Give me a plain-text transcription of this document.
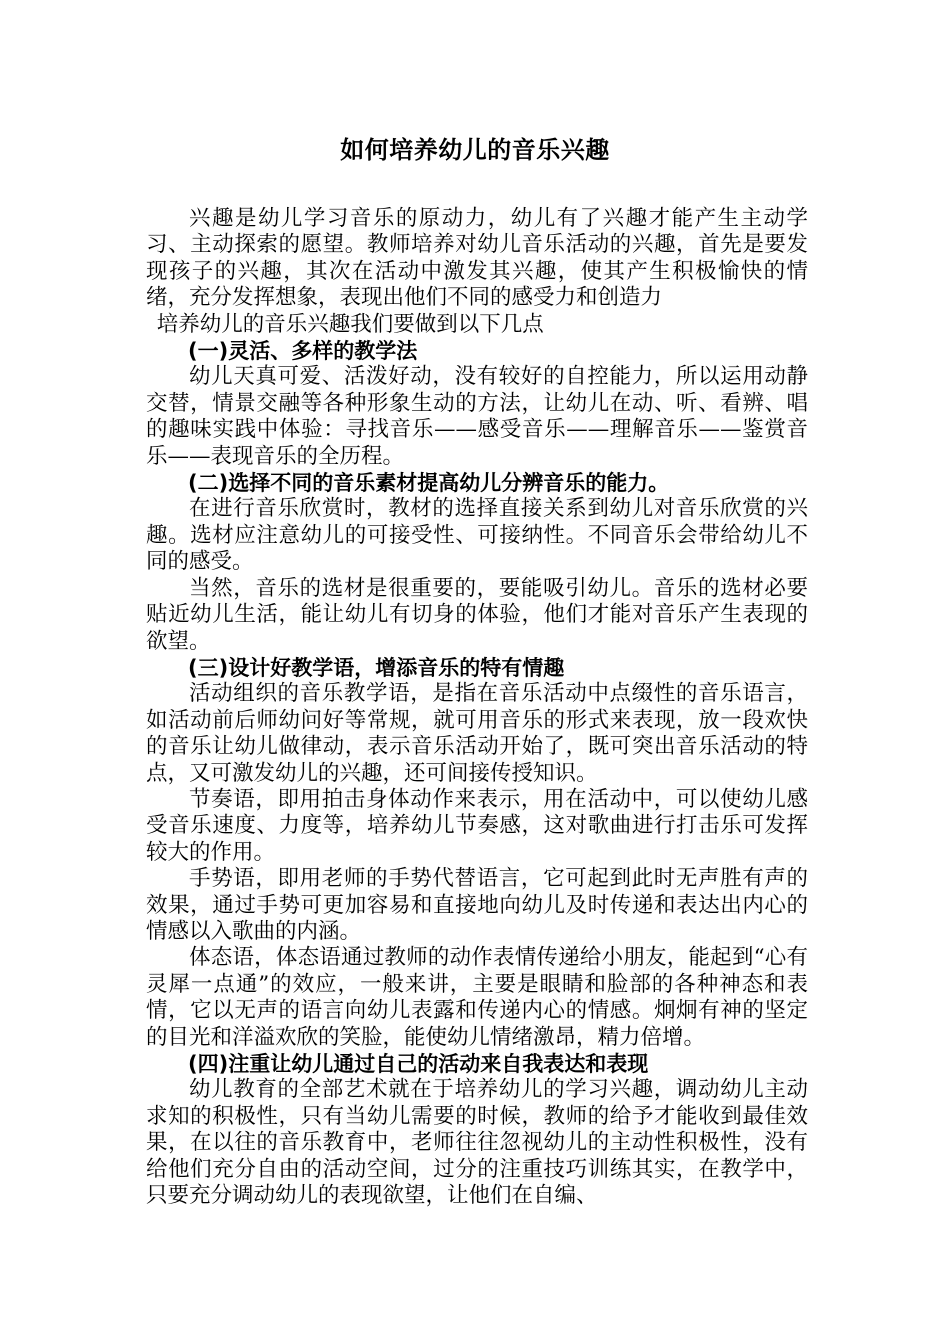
如何培养幼儿的音乐兴趣
兴趣是幼儿学习音乐的原动力，幼儿有了兴趣才能产生主动学习、主动探索的愿望。教师培养对幼儿音乐活动的兴趣，首先是要发现孩子的兴趣，其次在活动中激发其兴趣，使其产生积极愉快的情绪，充分发挥想象，表现出他们不同的感受力和创造力
培养幼儿的音乐兴趣我们要做到以下几点
(一)灵活、多样的教学法
幼儿天真可爱、活泼好动，没有较好的自控能力，所以运用动静交替，情景交融等各种形象生动的方法，让幼儿在动、听、看辨、唱的趣味实践中体验：寻找音乐——感受音乐——理解音乐——鉴赏音乐——表现音乐的全历程。
(二)选择不同的音乐素材提高幼儿分辨音乐的能力。
在进行音乐欣赏时，教材的选择直接关系到幼儿对音乐欣赏的兴趣。选材应注意幼儿的可接受性、可接纳性。不同音乐会带给幼儿不同的感受。
当然，音乐的选材是很重要的，要能吸引幼儿。音乐的选材必要贴近幼儿生活，能让幼儿有切身的体验，他们才能对音乐产生表现的欲望。
(三)设计好教学语，增添音乐的特有情趣
活动组织的音乐教学语，是指在音乐活动中点缀性的音乐语言，如活动前后师幼问好等常规，就可用音乐的形式来表现，放一段欢快的音乐让幼儿做律动，表示音乐活动开始了，既可突出音乐活动的特点，又可激发幼儿的兴趣，还可间接传授知识。
节奏语，即用拍击身体动作来表示，用在活动中，可以使幼儿感受音乐速度、力度等，培养幼儿节奏感，这对歌曲进行打击乐可发挥较大的作用。
手势语，即用老师的手势代替语言，它可起到此时无声胜有声的效果，通过手势可更加容易和直接地向幼儿及时传递和表达出内心的情感以入歌曲的内涵。
体态语，体态语通过教师的动作表情传递给小朋友，能起到“心有灵犀一点通”的效应，一般来讲，主要是眼睛和脸部的各种神态和表情，它以无声的语言向幼儿表露和传递内心的情感。炯炯有神的坚定的目光和洋溢欢欣的笑脸，能使幼儿情绪激昂，精力倍增。
(四)注重让幼儿通过自己的活动来自我表达和表现
幼儿教育的全部艺术就在于培养幼儿的学习兴趣，调动幼儿主动求知的积极性，只有当幼儿需要的时候，教师的给予才能收到最佳效果，在以往的音乐教育中，老师往往忽视幼儿的主动性积极性，没有给他们充分自由的活动空间，过分的注重技巧训练其实，在教学中，只要充分调动幼儿的表现欲望，让他们在自编、
